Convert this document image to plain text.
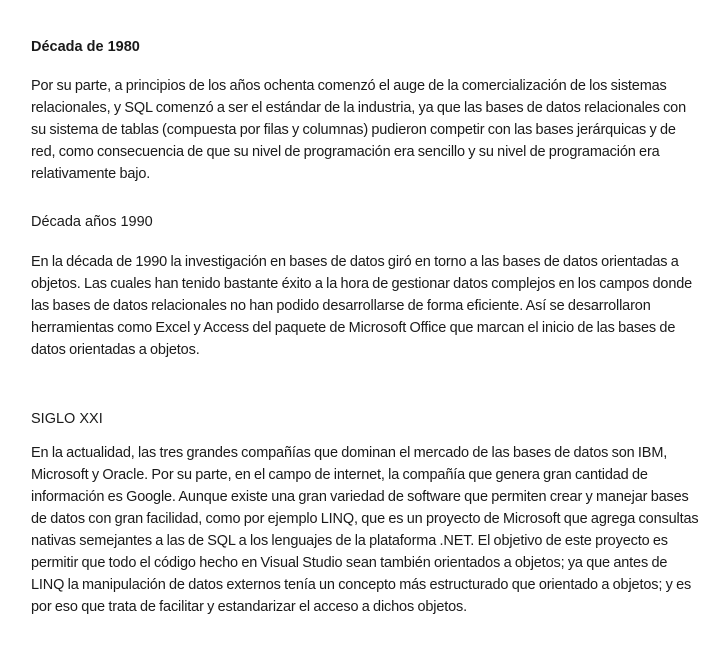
Década de 1980
Por su parte, a principios de los años ochenta comenzó el auge de la comercialización de los sistemas relacionales, y SQL comenzó a ser el estándar de la industria, ya que las bases de datos relacionales con su sistema de tablas (compuesta por filas y columnas) pudieron competir con las bases jerárquicas y de red, como consecuencia de que su nivel de programación era sencillo y su nivel de programación era relativamente bajo.
Década años 1990
En la década de 1990 la investigación en bases de datos giró en torno a las bases de datos orientadas a objetos. Las cuales han tenido bastante éxito a la hora de gestionar datos complejos en los campos donde las bases de datos relacionales no han podido desarrollarse de forma eficiente. Así se desarrollaron herramientas como Excel y Access del paquete de Microsoft Office que marcan el inicio de las bases de datos orientadas a objetos.
SIGLO XXI
En la actualidad, las tres grandes compañías que dominan el mercado de las bases de datos son IBM, Microsoft y Oracle. Por su parte, en el campo de internet, la compañía que genera gran cantidad de información es Google. Aunque existe una gran variedad de software que permiten crear y manejar bases de datos con gran facilidad, como por ejemplo LINQ, que es un proyecto de Microsoft que agrega consultas nativas semejantes a las de SQL a los lenguajes de la plataforma .NET. El objetivo de este proyecto es permitir que todo el código hecho en Visual Studio sean también orientados a objetos; ya que antes de LINQ la manipulación de datos externos tenía un concepto más estructurado que orientado a objetos; y es por eso que trata de facilitar y estandarizar el acceso a dichos objetos.
